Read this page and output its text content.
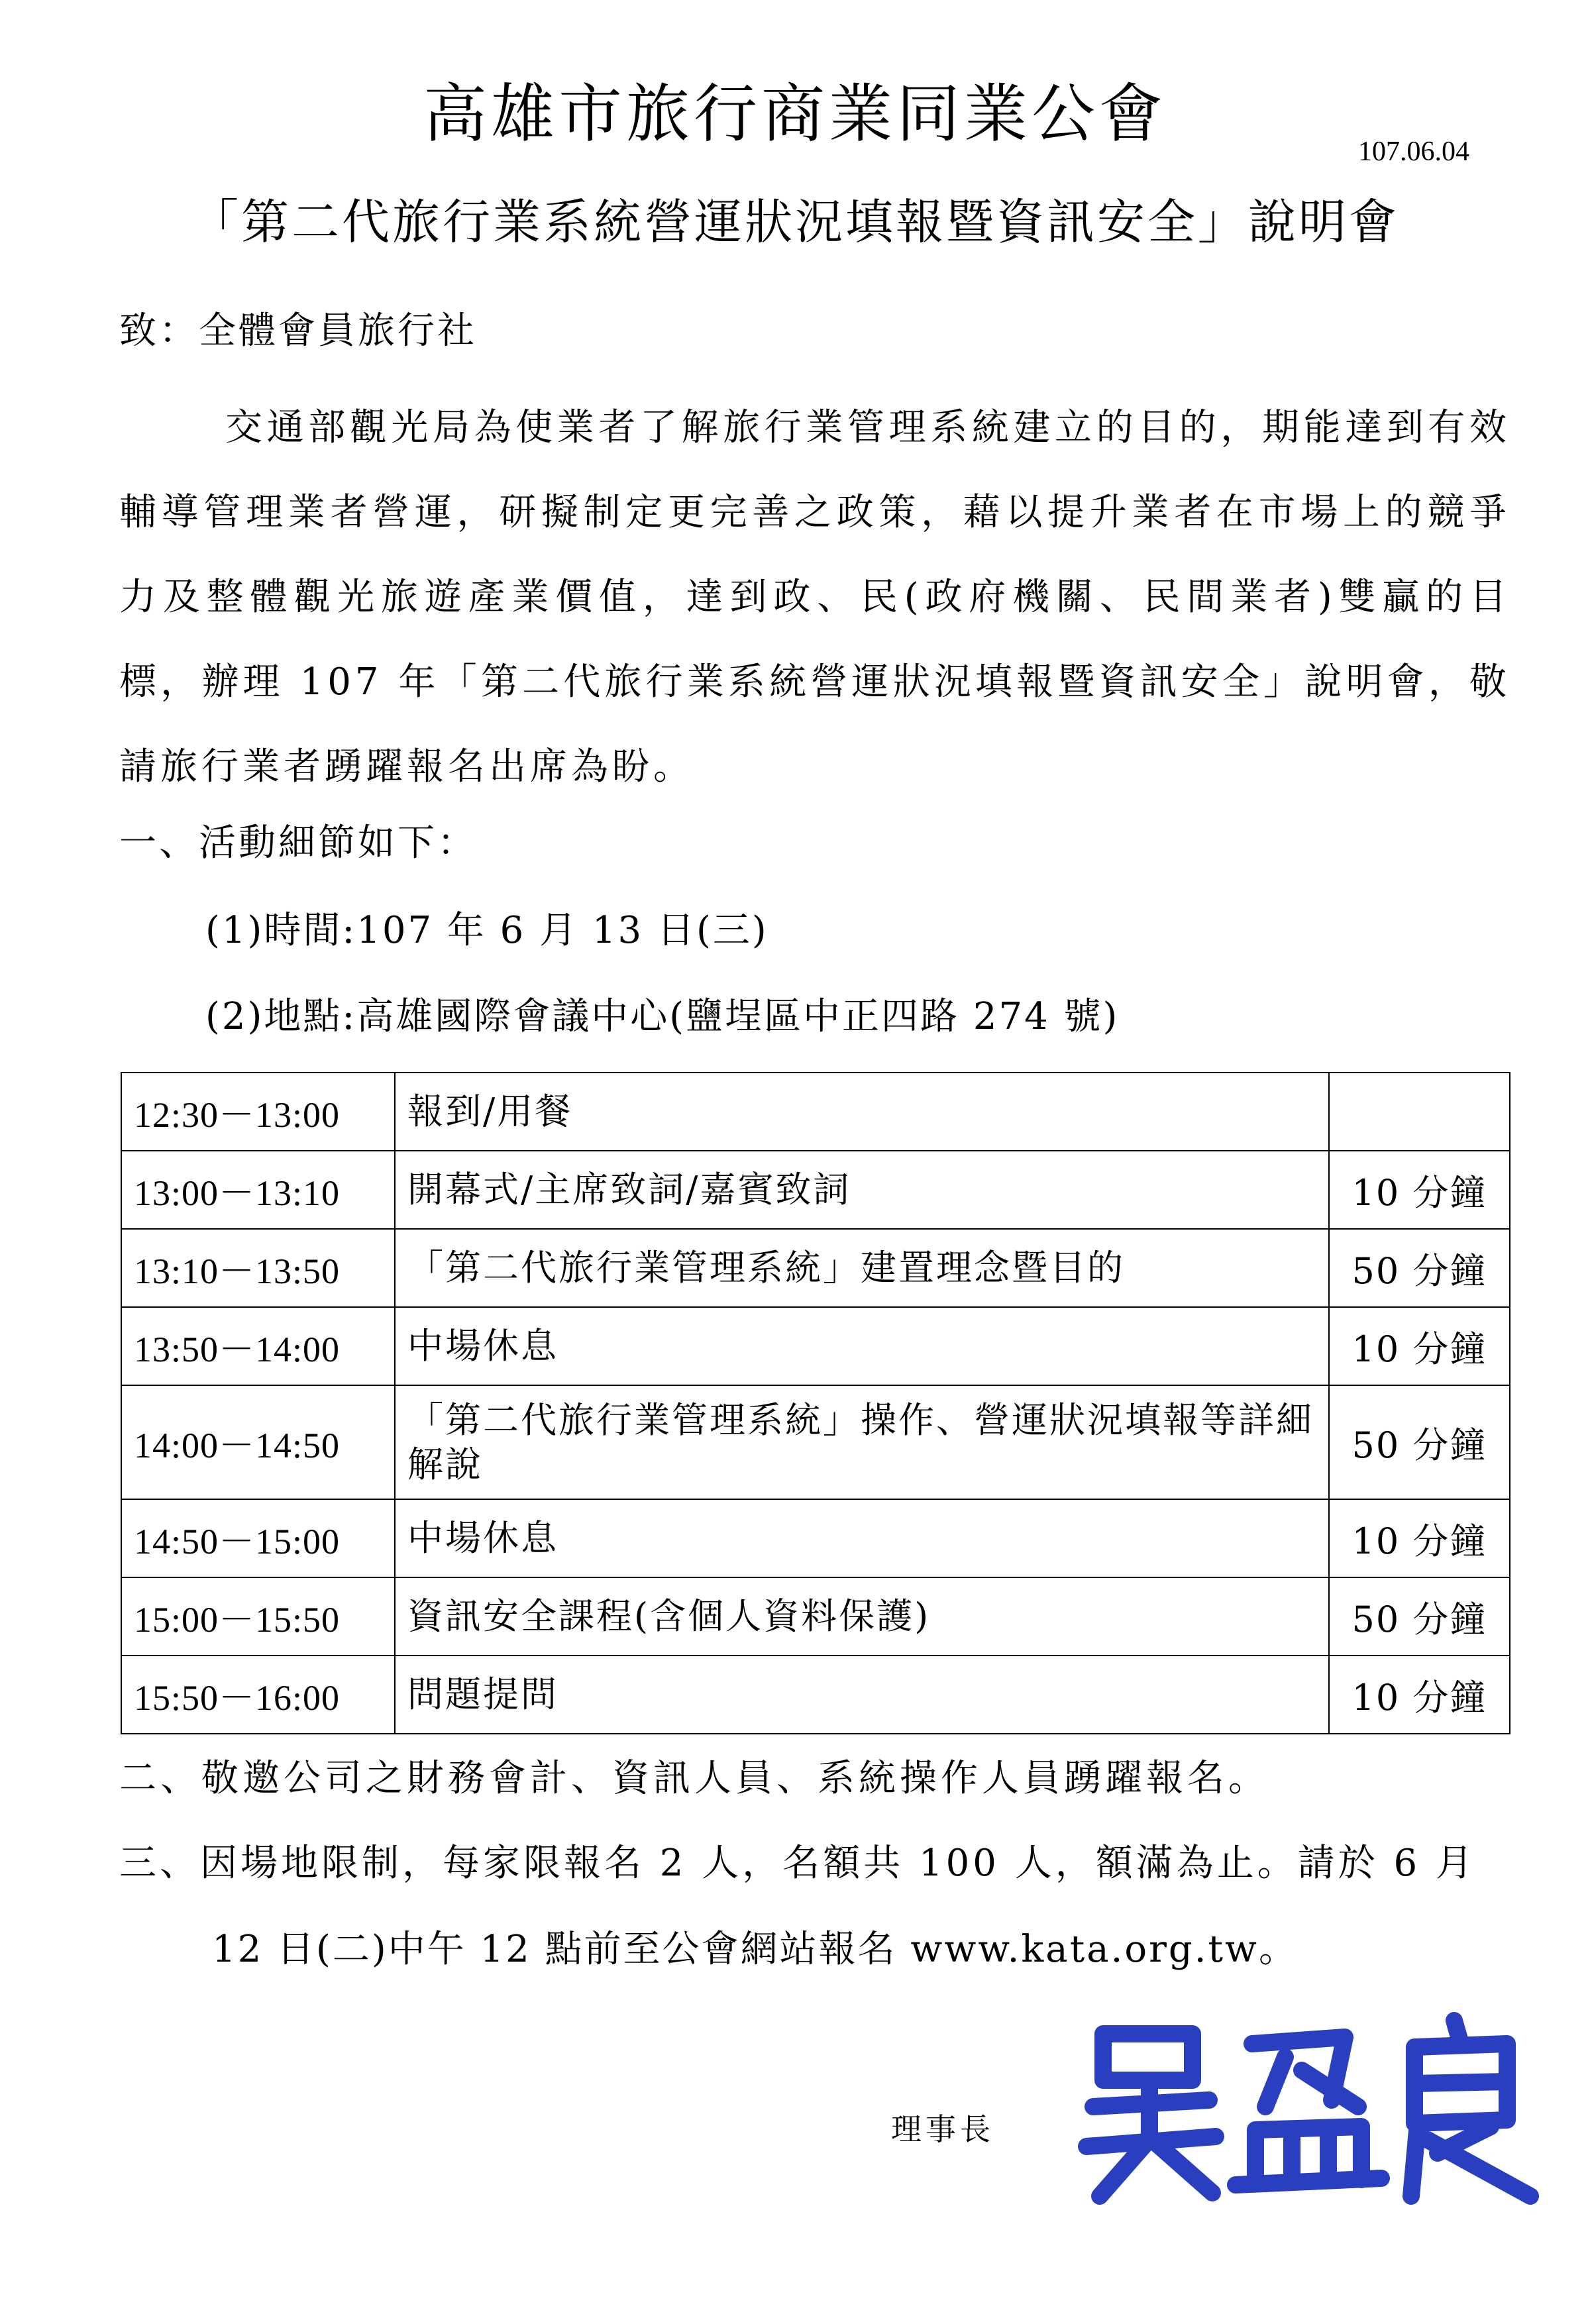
高雄市旅行商業同業公會
107.06.04
「第二代旅行業系統營運狀況填報暨資訊安全」說明會
致：全體會員旅行社
交通部觀光局為使業者了解旅行業管理系統建立的目的，期能達到有效輔導管理業者營運，研擬制定更完善之政策，藉以提升業者在市場上的競爭力及整體觀光旅遊產業價值，達到政、民(政府機關、民間業者)雙贏的目標，辦理 107 年「第二代旅行業系統營運狀況填報暨資訊安全」說明會，敬請旅行業者踴躍報名出席為盼。
一、活動細節如下：
(1)時間:107 年 6 月 13 日(三)
(2)地點:高雄國際會議中心(鹽埕區中正四路 274 號)
12:30－13:00	報到/用餐	
13:00－13:10	開幕式/主席致詞/嘉賓致詞	10 分鐘
13:10－13:50	「第二代旅行業管理系統」建置理念暨目的	50 分鐘
13:50－14:00	中場休息	10 分鐘
14:00－14:50	「第二代旅行業管理系統」操作、營運狀況填報等詳細解說	50 分鐘
14:50－15:00	中場休息	10 分鐘
15:00－15:50	資訊安全課程(含個人資料保護)	50 分鐘
15:50－16:00	問題提問	10 分鐘
二、敬邀公司之財務會計、資訊人員、系統操作人員踴躍報名。
三、因場地限制，每家限報名 2 人，名額共 100 人，額滿為止。請於 6 月
12 日(二)中午 12 點前至公會網站報名 www.kata.org.tw。
理事長
